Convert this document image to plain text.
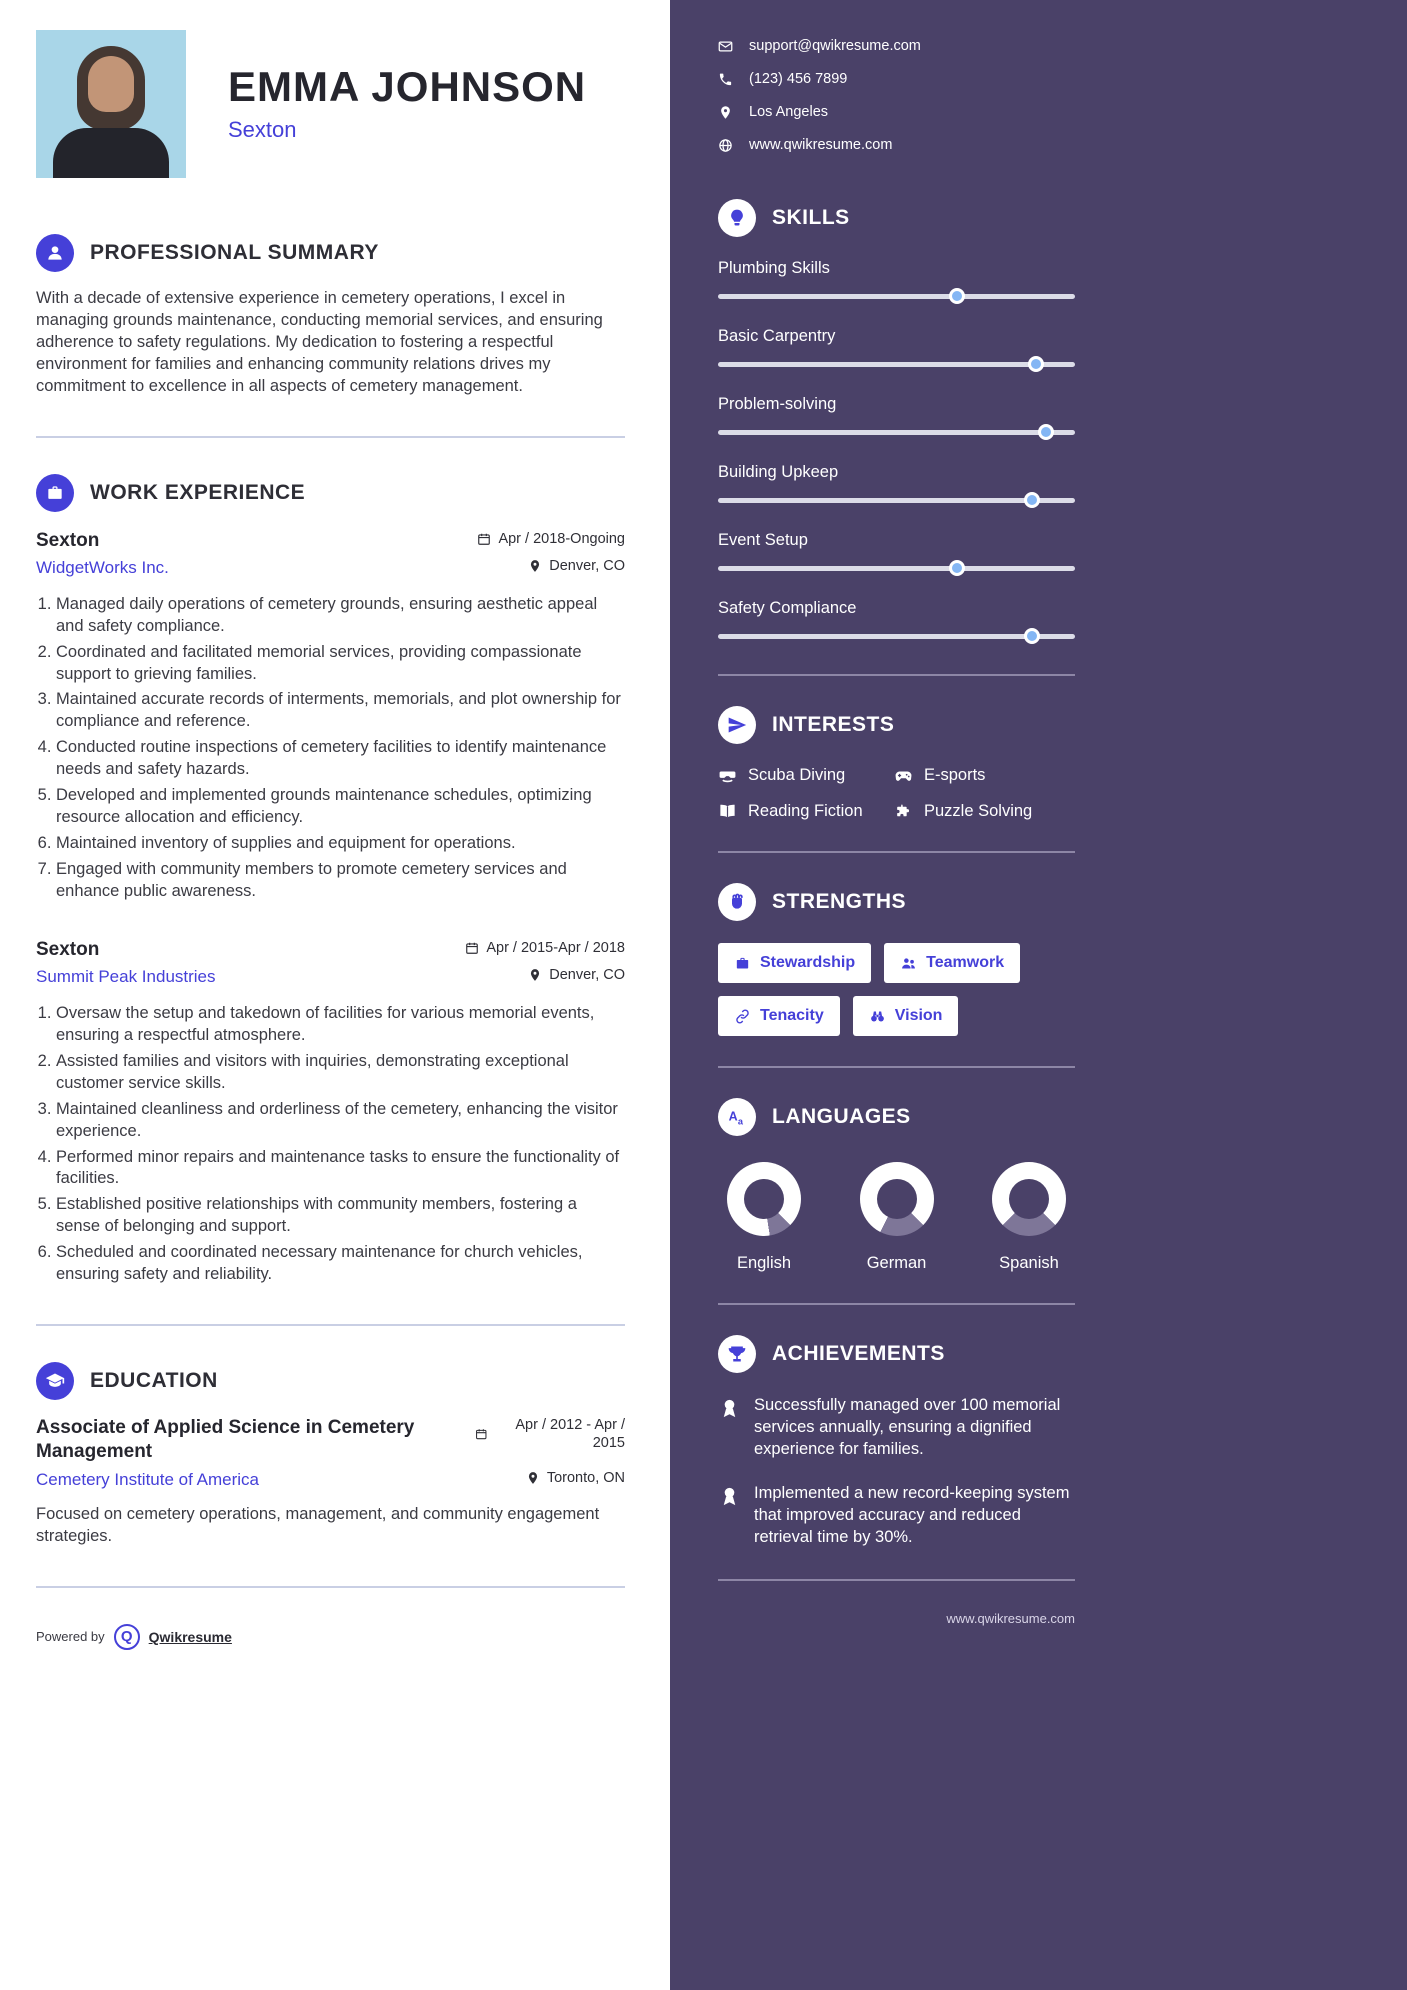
EMMA JOHNSON
Sexton
PROFESSIONAL SUMMARY

With a decade of extensive experience in cemetery operations, I excel in managing grounds maintenance, conducting memorial services, and ensuring adherence to safety regulations. My dedication to fostering a respectful environment for families and enhancing community relations drives my commitment to excellence in all aspects of cemetery management.

WORK EXPERIENCE
Sexton	Apr / 2018-Ongoing
WidgetWorks Inc.	Denver, CO
1. Managed daily operations of cemetery grounds, ensuring aesthetic appeal and safety compliance.
2. Coordinated and facilitated memorial services, providing compassionate support to grieving families.
3. Maintained accurate records of interments, memorials, and plot ownership for compliance and reference.
4. Conducted routine inspections of cemetery facilities to identify maintenance needs and safety hazards.
5. Developed and implemented grounds maintenance schedules, optimizing resource allocation and efficiency.
6. Maintained inventory of supplies and equipment for operations.
7. Engaged with community members to promote cemetery services and enhance public awareness.
Sexton	Apr / 2015-Apr / 2018
Summit Peak Industries	Denver, CO
1. Oversaw the setup and takedown of facilities for various memorial events, ensuring a respectful atmosphere.
2. Assisted families and visitors with inquiries, demonstrating exceptional customer service skills.
3. Maintained cleanliness and orderliness of the cemetery, enhancing the visitor experience.
4. Performed minor repairs and maintenance tasks to ensure the functionality of facilities.
5. Established positive relationships with community members, fostering a sense of belonging and support.
6. Scheduled and coordinated necessary maintenance for church vehicles, ensuring safety and reliability.
EDUCATION
Associate of Applied Science in Cemetery Management
Apr / 2012 - Apr / 2015
Cemetery Institute of America	Toronto, ON

Focused on cemetery operations, management, and community engagement strategies.

Powered by	Q	Qwikresume
support@qwikresume.com
(123) 456 7899
Los Angeles
www.qwikresume.com
SKILLS
Plumbing Skills
Basic Carpentry
Problem-solving
Building Upkeep
Event Setup
Safety Compliance
INTERESTS
Scuba Diving	E-sports
Reading Fiction	Puzzle Solving
STRENGTHS
Stewardship	Teamwork
Tenacity	Vision
LANGUAGES
English	German	Spanish
ACHIEVEMENTS

Successfully managed over 100 memorial services annually, ensuring a dignified experience for families.

Implemented a new record-keeping system that improved accuracy and reduced retrieval time by 30%.

www.qwikresume.com
